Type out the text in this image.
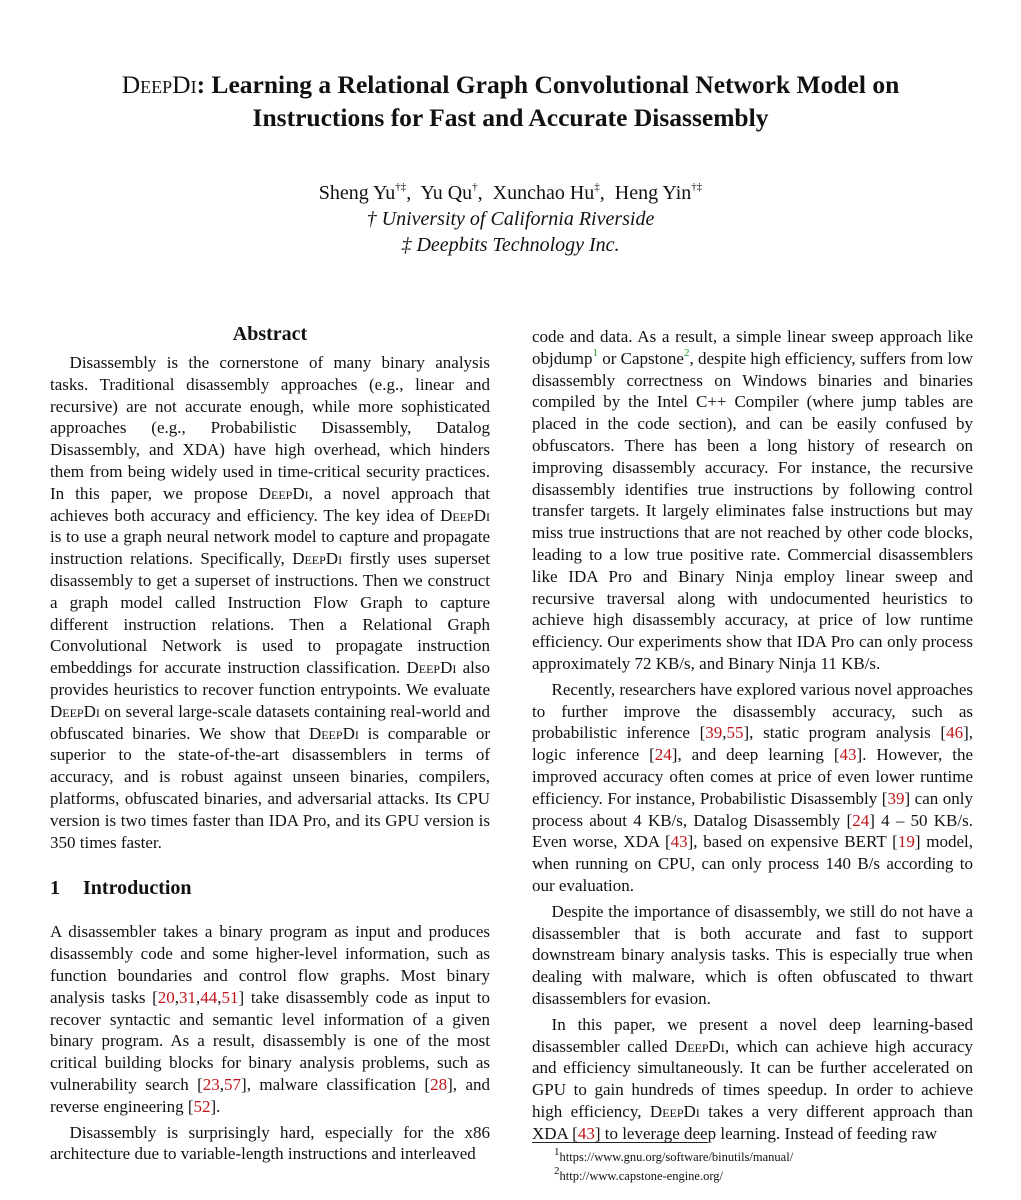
DeepDi: Learning a Relational Graph Convolutional Network Model on
Instructions for Fast and Accurate Disassembly
Sheng Yu†‡,  Yu Qu†,  Xunchao Hu‡,  Heng Yin†‡
† University of California Riverside
‡ Deepbits Technology Inc.
Abstract

Disassembly is the cornerstone of many binary analysis tasks. Traditional disassembly approaches (e.g., linear and recursive) are not accurate enough, while more sophisticated approaches (e.g., Probabilistic Disassembly, Datalog Disassembly, and XDA) have high overhead, which hinders them from being widely used in time-critical security practices. In this paper, we propose DeepDi, a novel approach that achieves both accuracy and efficiency. The key idea of DeepDi is to use a graph neural network model to capture and propagate instruction relations. Specifically, DeepDi firstly uses superset disassembly to get a superset of instructions. Then we construct a graph model called Instruction Flow Graph to capture different instruction relations. Then a Relational Graph Convolutional Network is used to propagate instruction embeddings for accurate instruction classification. DeepDi also provides heuristics to recover function entrypoints. We evaluate DeepDi on several large-scale datasets containing real-world and obfuscated binaries. We show that DeepDi is comparable or superior to the state-of-the-art disassemblers in terms of accuracy, and is robust against unseen binaries, compilers, platforms, obfuscated binaries, and adversarial attacks. Its CPU version is two times faster than IDA Pro, and its GPU version is 350 times faster.

1 Introduction

A disassembler takes a binary program as input and produces disassembly code and some higher-level information, such as function boundaries and control flow graphs. Most binary analysis tasks [20,31,44,51] take disassembly code as input to recover syntactic and semantic level information of a given binary program. As a result, disassembly is one of the most critical building blocks for binary analysis problems, such as vulnerability search [23,57], malware classification [28], and reverse engineering [52].

Disassembly is surprisingly hard, especially for the x86 architecture due to variable-length instructions and interleaved

code and data. As a result, a simple linear sweep approach like objdump$^1$ or Capstone$^2$, despite high efficiency, suffers from low disassembly correctness on Windows binaries and binaries compiled by the Intel C++ Compiler (where jump tables are placed in the code section), and can be easily confused by obfuscators. There has been a long history of research on improving disassembly accuracy. For instance, the recursive disassembly identifies true instructions by following control transfer targets. It largely eliminates false instructions but may miss true instructions that are not reached by other code blocks, leading to a low true positive rate. Commercial disassemblers like IDA Pro and Binary Ninja employ linear sweep and recursive traversal along with undocumented heuristics to achieve high disassembly accuracy, at price of low runtime efficiency. Our experiments show that IDA Pro can only process approximately 72 KB/s, and Binary Ninja 11 KB/s.

Recently, researchers have explored various novel approaches to further improve the disassembly accuracy, such as probabilistic inference [39,55], static program analysis [46], logic inference [24], and deep learning [43]. However, the improved accuracy often comes at price of even lower runtime efficiency. For instance, Probabilistic Disassembly [39] can only process about 4 KB/s, Datalog Disassembly [24] 4 – 50 KB/s. Even worse, XDA [43], based on expensive BERT [19] model, when running on CPU, can only process 140 B/s according to our evaluation.

Despite the importance of disassembly, we still do not have a disassembler that is both accurate and fast to support downstream binary analysis tasks. This is especially true when dealing with malware, which is often obfuscated to thwart disassemblers for evasion.

In this paper, we present a novel deep learning-based disassembler called DeepDi, which can achieve high accuracy and efficiency simultaneously. It can be further accelerated on GPU to gain hundreds of times speedup. In order to achieve high efficiency, DeepDi takes a very different approach than XDA [43] to leverage deep learning. Instead of feeding raw

$^1$https://www.gnu.org/software/binutils/manual/
$^2$http://www.capstone-engine.org/
